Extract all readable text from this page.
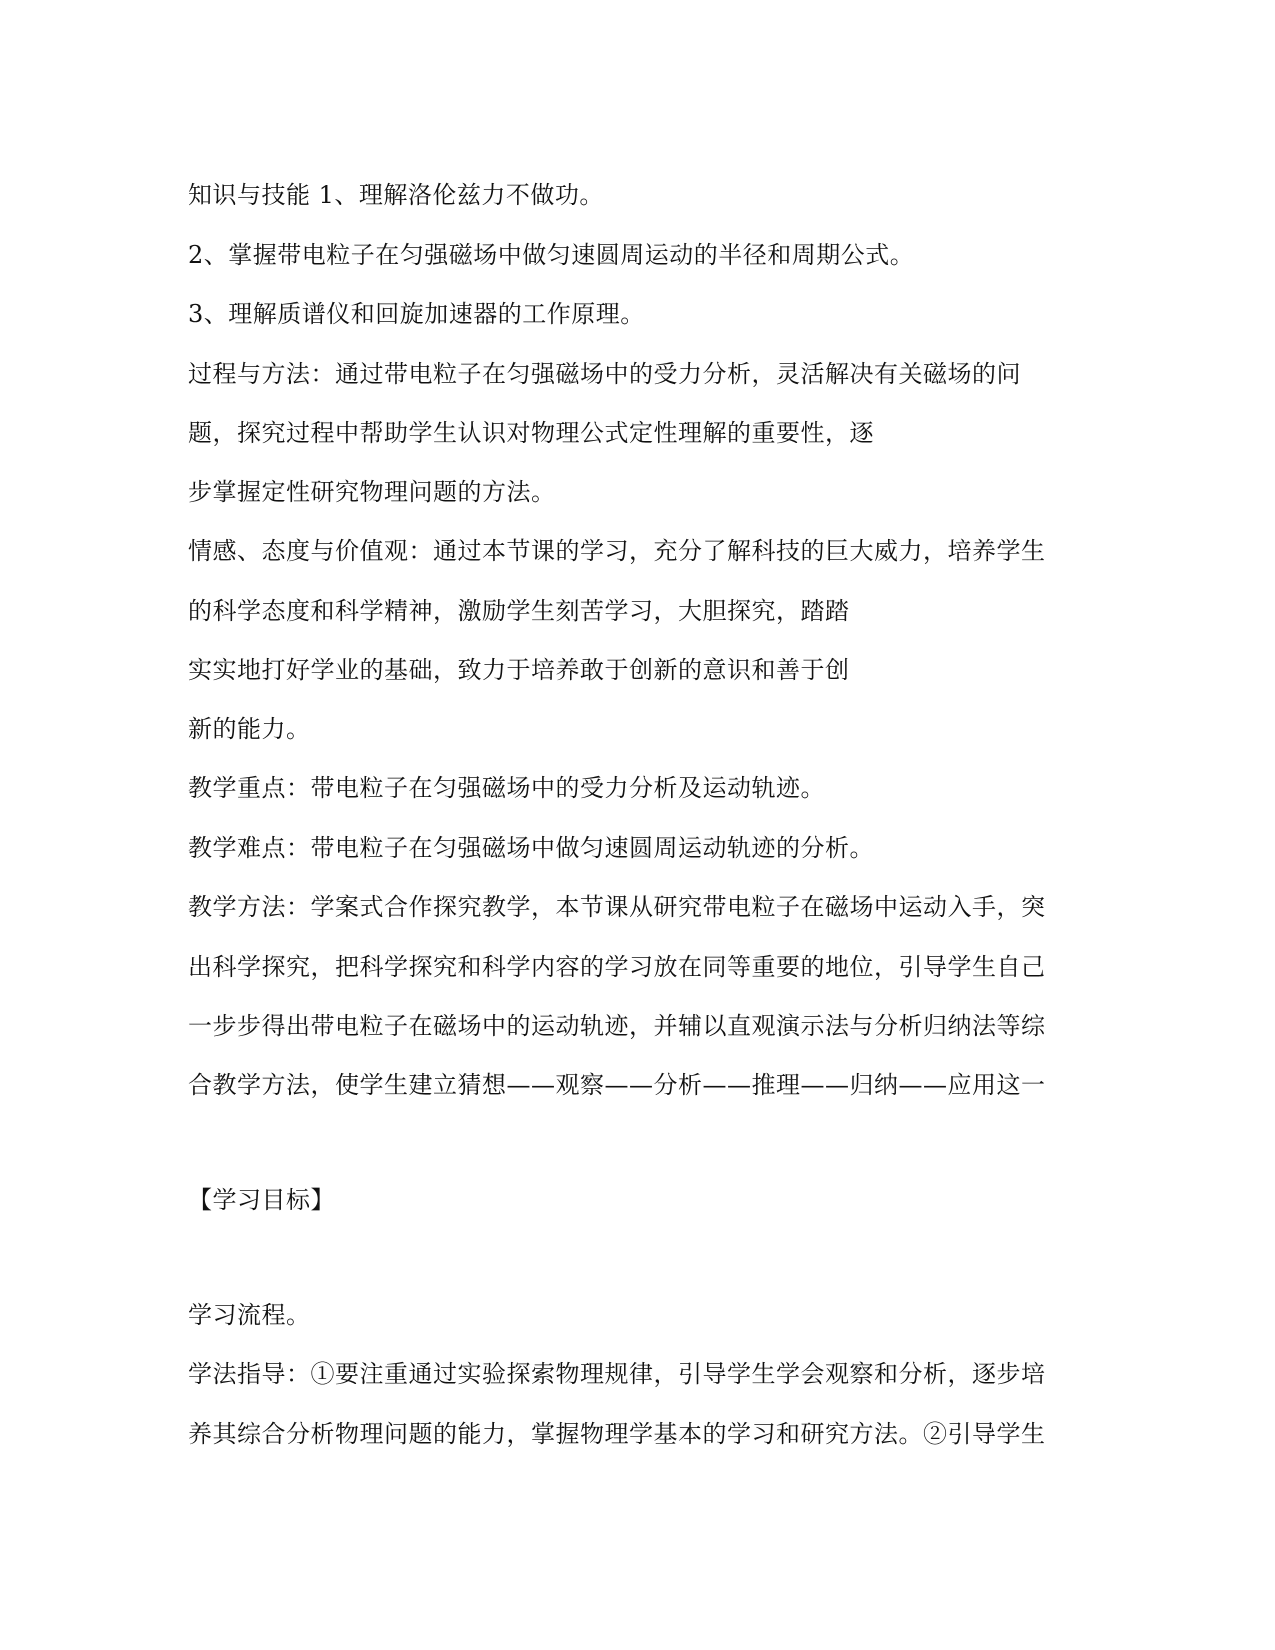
知识与技能 1、理解洛伦兹力不做功。
2、掌握带电粒子在匀强磁场中做匀速圆周运动的半径和周期公式。
3、理解质谱仪和回旋加速器的工作原理。
过程与方法：通过带电粒子在匀强磁场中的受力分析，灵活解决有关磁场的问
题，探究过程中帮助学生认识对物理公式定性理解的重要性，逐
步掌握定性研究物理问题的方法。
情感、态度与价值观：通过本节课的学习，充分了解科技的巨大威力，培养学生
的科学态度和科学精神，激励学生刻苦学习，大胆探究，踏踏
实实地打好学业的基础，致力于培养敢于创新的意识和善于创
新的能力。
教学重点：带电粒子在匀强磁场中的受力分析及运动轨迹。
教学难点：带电粒子在匀强磁场中做匀速圆周运动轨迹的分析。
教学方法：学案式合作探究教学，本节课从研究带电粒子在磁场中运动入手，突
出科学探究，把科学探究和科学内容的学习放在同等重要的地位，引导学生自己
一步步得出带电粒子在磁场中的运动轨迹，并辅以直观演示法与分析归纳法等综
合教学方法，使学生建立猜想——观察——分析——推理——归纳——应用这一
【学习目标】
学习流程。
学法指导：①要注重通过实验探索物理规律，引导学生学会观察和分析，逐步培
养其综合分析物理问题的能力，掌握物理学基本的学习和研究方法。②引导学生
